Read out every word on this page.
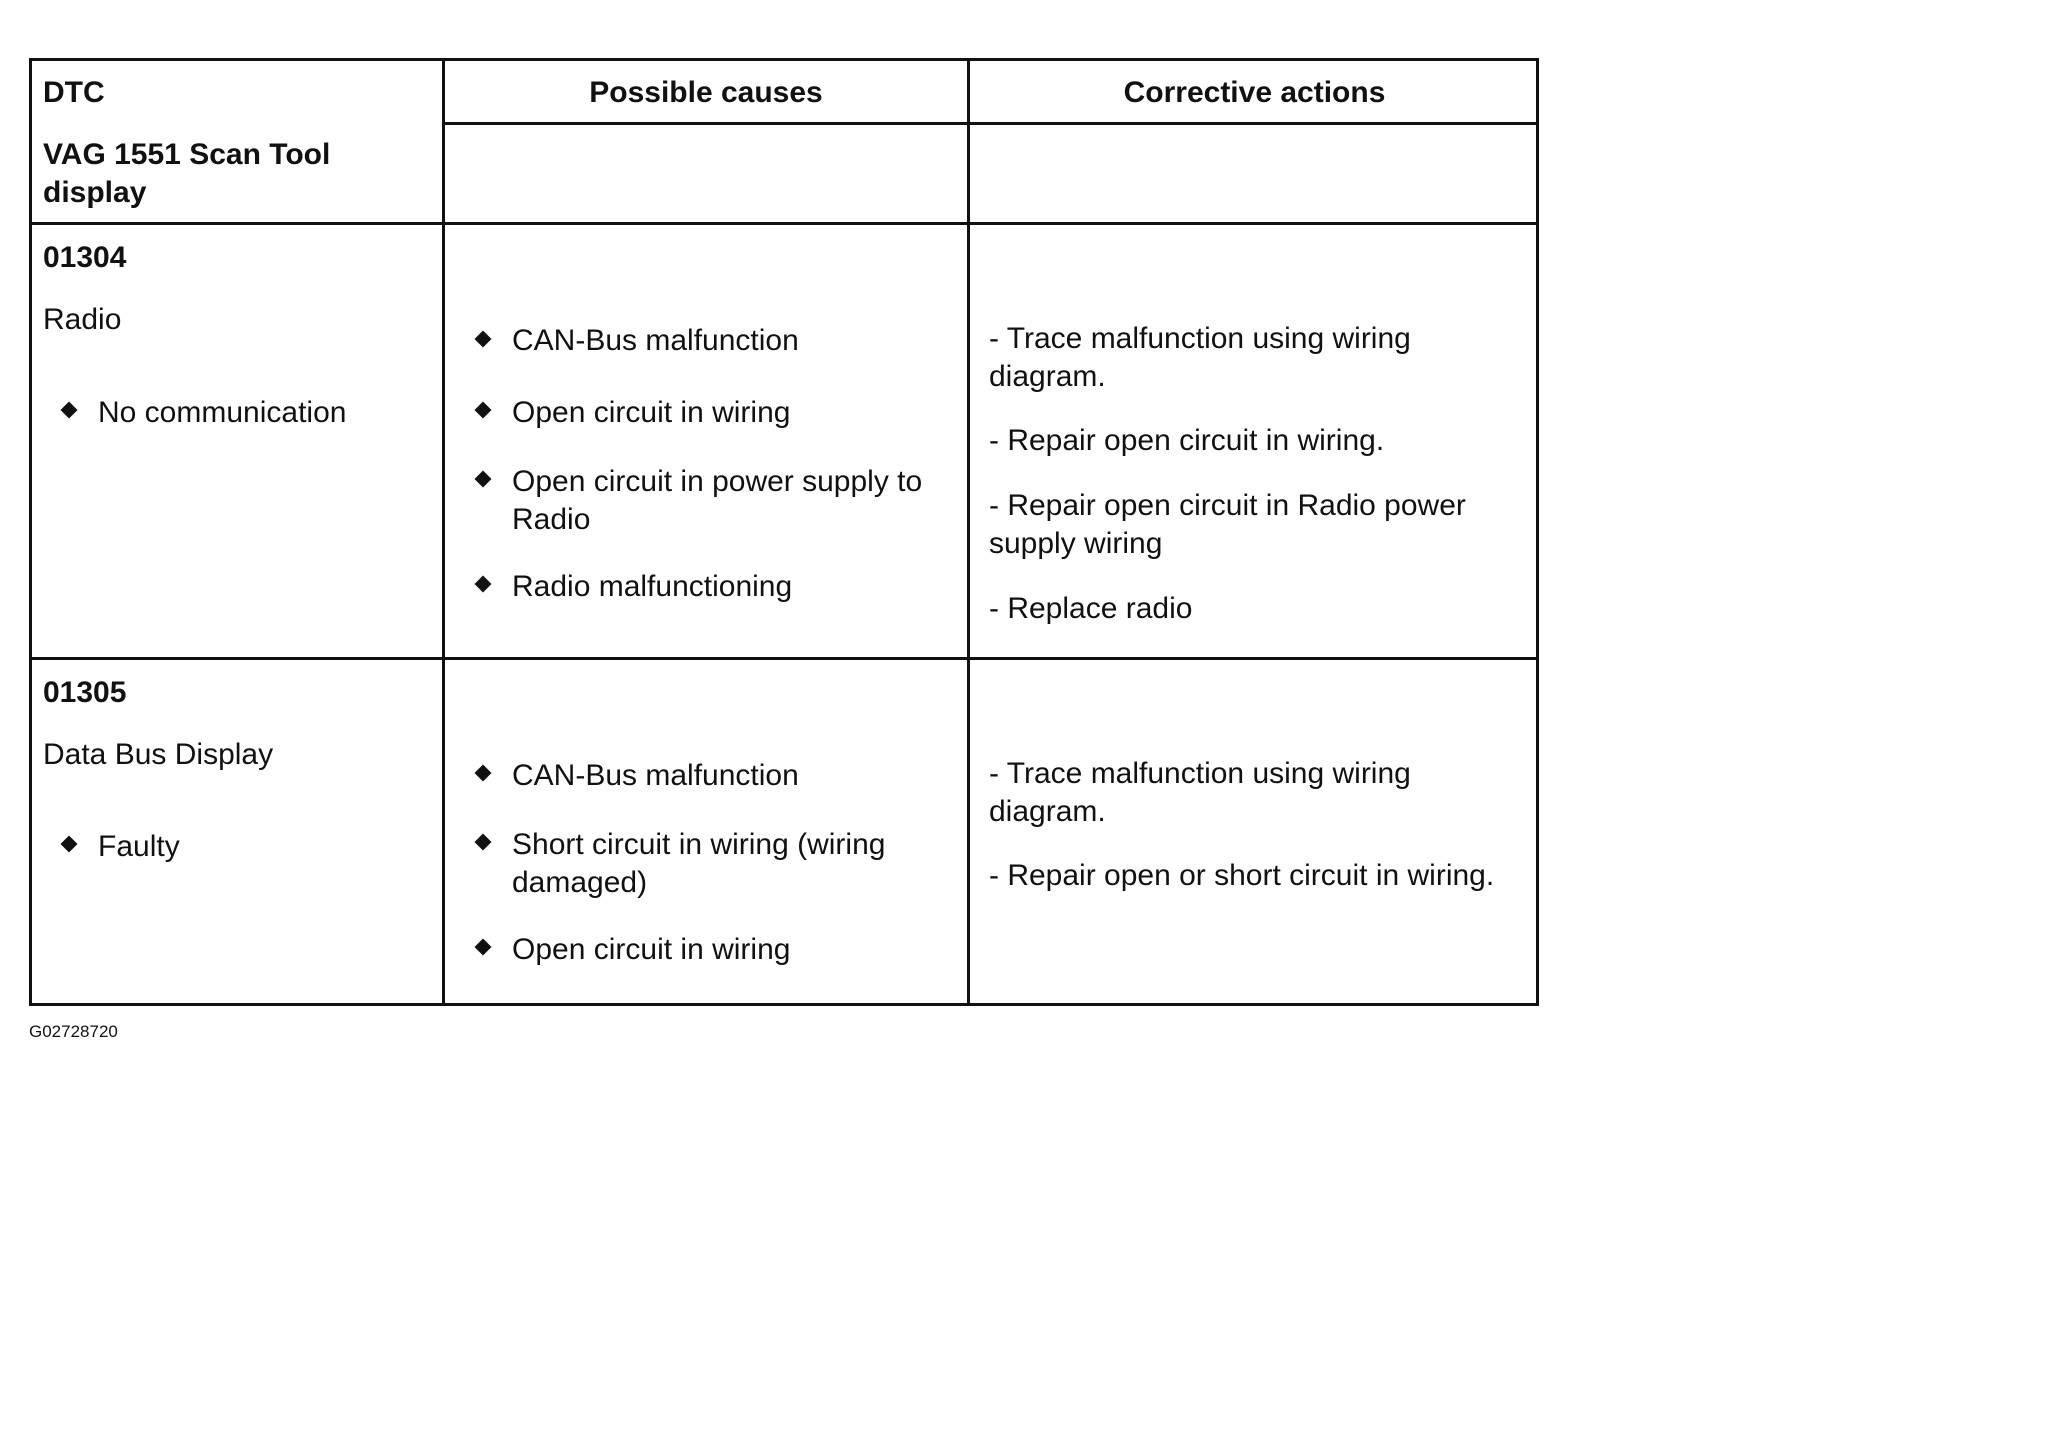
DTC
VAG 1551 Scan Tool display
Possible causes	Corrective actions
01304
Radio
No communication
CAN-Bus malfunction
Open circuit in wiring
Open circuit in power supply to Radio
Radio malfunctioning
- Trace malfunction using wiring diagram.
- Repair open circuit in wiring.
- Repair open circuit in Radio power supply wiring
- Replace radio
01305
Data Bus Display
Faulty
CAN-Bus malfunction
Short circuit in wiring (wiring damaged)
Open circuit in wiring
- Trace malfunction using wiring diagram.
- Repair open or short circuit in wiring.
G02728720
